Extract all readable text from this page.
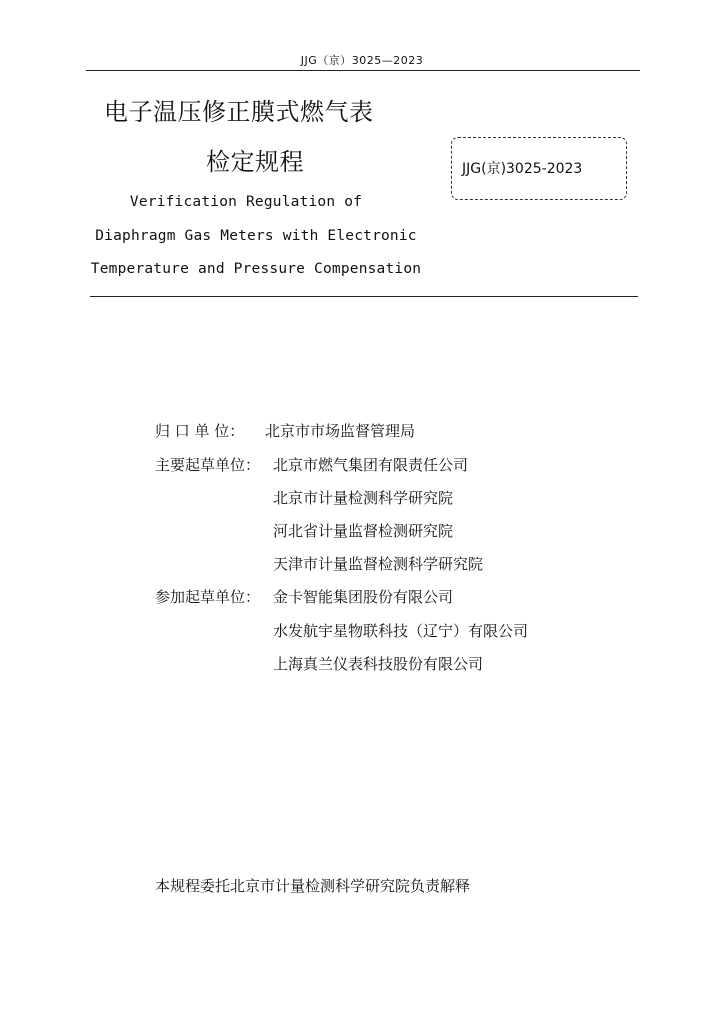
JJG（京）3025—2023
电子温压修正膜式燃气表
检定规程	JJG(京)3025-2023
Verification Regulation of
Diaphragm Gas Meters with Electronic
Temperature and Pressure Compensation
归 口 单 位： 北京市市场监督管理局
主要起草单位： 北京市燃气集团有限责任公司
北京市计量检测科学研究院
河北省计量监督检测研究院
天津市计量监督检测科学研究院
参加起草单位： 金卡智能集团股份有限公司
水发航宇星物联科技（辽宁）有限公司
上海真兰仪表科技股份有限公司
本规程委托北京市计量检测科学研究院负责解释
